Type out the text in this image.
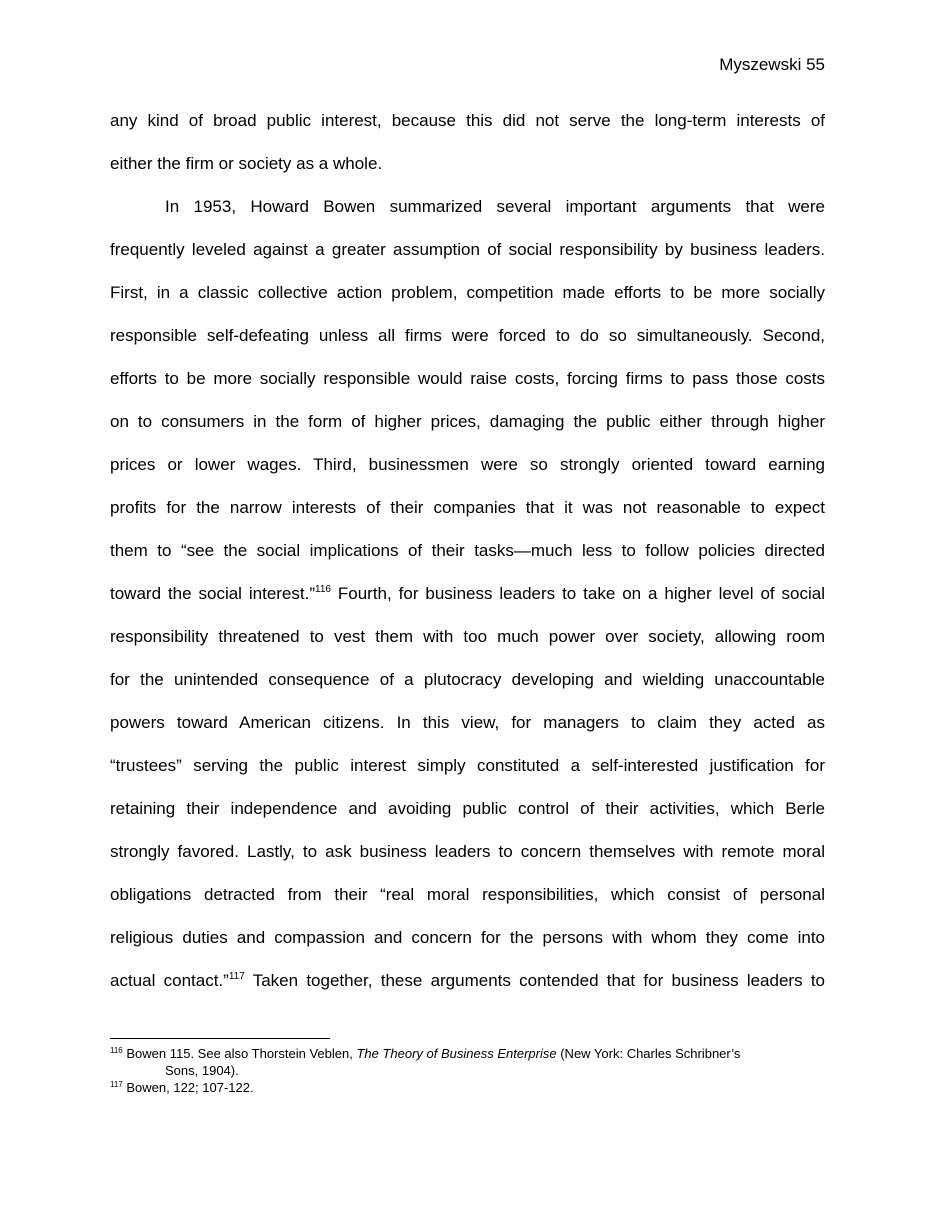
Myszewski 55
any kind of broad public interest, because this did not serve the long-term interests of
either the firm or society as a whole.
In 1953, Howard Bowen summarized several important arguments that were
frequently leveled against a greater assumption of social responsibility by business leaders.
First, in a classic collective action problem, competition made efforts to be more socially
responsible self-defeating unless all firms were forced to do so simultaneously. Second,
efforts to be more socially responsible would raise costs, forcing firms to pass those costs
on to consumers in the form of higher prices, damaging the public either through higher
prices or lower wages. Third, businessmen were so strongly oriented toward earning
profits for the narrow interests of their companies that it was not reasonable to expect
them to “see the social implications of their tasks—much less to follow policies directed
toward the social interest.”$^{116}$ Fourth, for business leaders to take on a higher level of social
responsibility threatened to vest them with too much power over society, allowing room
for the unintended consequence of a plutocracy developing and wielding unaccountable
powers toward American citizens. In this view, for managers to claim they acted as
“trustees” serving the public interest simply constituted a self-interested justification for
retaining their independence and avoiding public control of their activities, which Berle
strongly favored. Lastly, to ask business leaders to concern themselves with remote moral
obligations detracted from their “real moral responsibilities, which consist of personal
religious duties and compassion and concern for the persons with whom they come into
actual contact.”$^{117}$ Taken together, these arguments contended that for business leaders to

$^{116}$ Bowen 115. See also Thorstein Veblen, The Theory of Business Enterprise (New York: Charles Schribner’s

Sons, 1904).

$^{117}$ Bowen, 122; 107-122.
